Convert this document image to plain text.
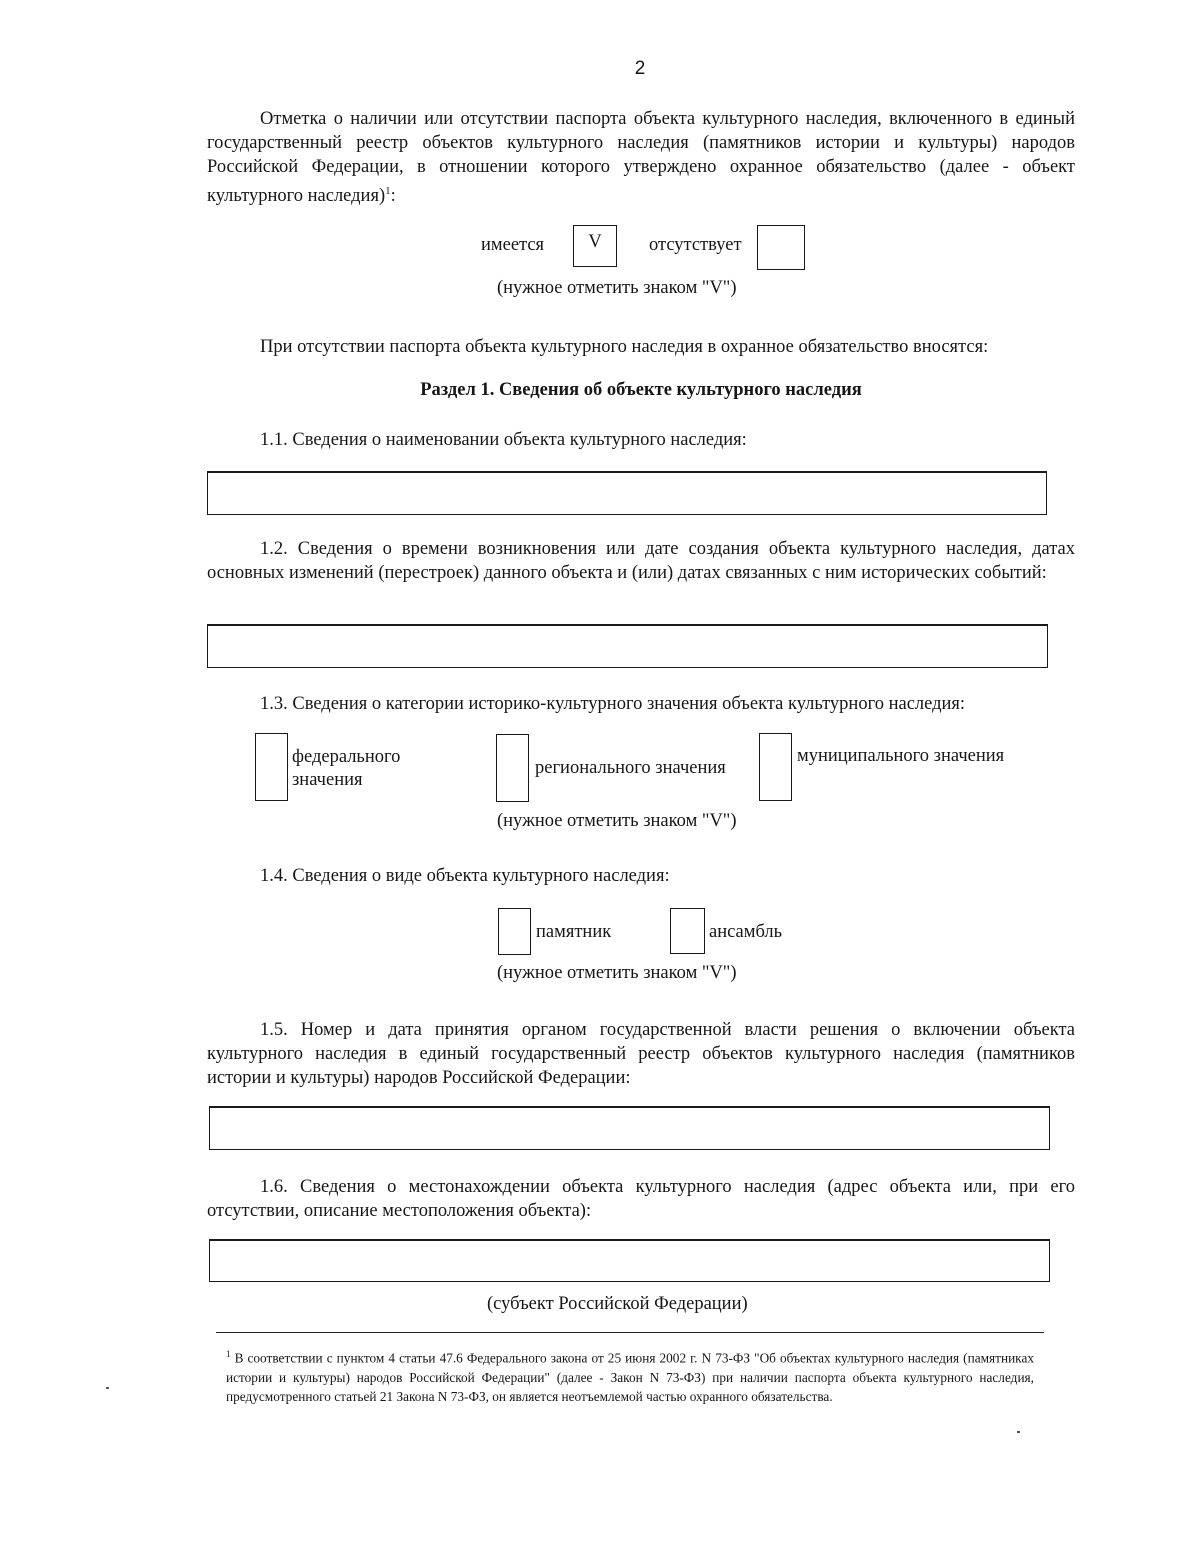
2
Отметка о наличии или отсутствии паспорта объекта культурного наследия, включенного в единый государственный реестр объектов культурного наследия (памятников истории и культуры) народов Российской Федерации, в отношении которого утверждено охранное обязательство (далее - объект культурного наследия)$^1$:
имеется	V	отсутствует
(нужное отметить знаком "V")
При отсутствии паспорта объекта культурного наследия в охранное обязательство вносятся:
Раздел 1. Сведения об объекте культурного наследия
1.1. Сведения о наименовании объекта культурного наследия:
1.2. Сведения о времени возникновения или дате создания объекта культурного наследия, датах основных изменений (перестроек) данного объекта и (или) датах связанных с ним исторических событий:
1.3. Сведения о категории историко-культурного значения объекта культурного наследия:
федерального значения
регионального значения
муниципального значения
(нужное отметить знаком "V")
1.4. Сведения о виде объекта культурного наследия:
памятник	ансамбль
(нужное отметить знаком "V")
1.5. Номер и дата принятия органом государственной власти решения о включении объекта культурного наследия в единый государственный реестр объектов культурного наследия (памятников истории и культуры) народов Российской Федерации:
1.6. Сведения о местонахождении объекта культурного наследия (адрес объекта или, при его отсутствии, описание местоположения объекта):
(субъект Российской Федерации)
$^1$ В соответствии с пунктом 4 статьи 47.6 Федерального закона от 25 июня 2002 г. N 73-ФЗ "Об объектах культурного наследия (памятниках истории и культуры) народов Российской Федерации" (далее - Закон N 73-ФЗ) при наличии паспорта объекта культурного наследия, предусмотренного статьей 21 Закона N 73-ФЗ, он является неотъемлемой частью охранного обязательства.
